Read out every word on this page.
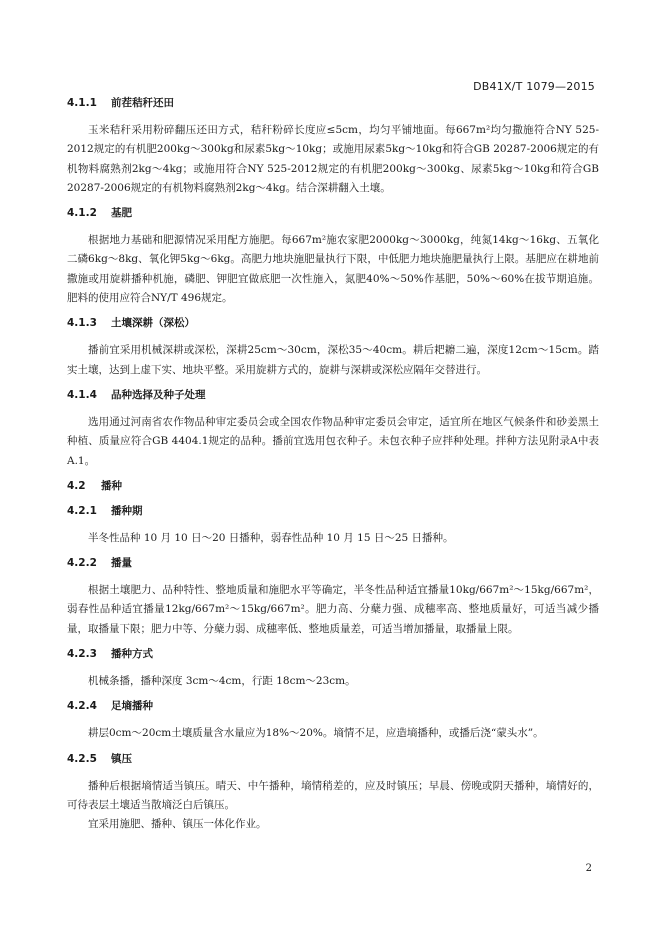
DB41X/T 1079—2015

4.1.1 前茬秸秆还田

玉米秸秆采用粉碎翻压还田方式，秸秆粉碎长度应≤5cm，均匀平铺地面。每667m²均匀撒施符合NY 525-2012规定的有机肥200kg～300kg和尿素5kg～10kg；或施用尿素5kg～10kg和符合GB 20287-2006规定的有机物料腐熟剂2kg～4kg；或施用符合NY 525-2012规定的有机肥200kg～300kg、尿素5kg～10kg和符合GB 20287-2006规定的有机物料腐熟剂2kg～4kg。结合深耕翻入土壤。

4.1.2 基肥

根据地力基础和肥源情况采用配方施肥。每667m²施农家肥2000kg～3000kg，纯氮14kg～16kg、五氧化二磷6kg～8kg、氧化钾5kg～6kg。高肥力地块施肥量执行下限，中低肥力地块施肥量执行上限。基肥应在耕地前撒施或用旋耕播种机施，磷肥、钾肥宜做底肥一次性施入，氮肥40%～50%作基肥，50%～60%在拔节期追施。肥料的使用应符合NY/T 496规定。

4.1.3 土壤深耕（深松）

播前宜采用机械深耕或深松，深耕25cm～30cm，深松35～40cm。耕后耙耱二遍，深度12cm～15cm。踏实土壤，达到上虚下实、地块平整。采用旋耕方式的，旋耕与深耕或深松应隔年交替进行。

4.1.4 品种选择及种子处理

选用通过河南省农作物品种审定委员会或全国农作物品种审定委员会审定，适宜所在地区气候条件和砂姜黑土种植、质量应符合GB 4404.1规定的品种。播前宜选用包衣种子。未包衣种子应拌种处理。拌种方法见附录A中表A.1。

4.2 播种

4.2.1 播种期

半冬性品种 10 月 10 日～20 日播种，弱春性品种 10 月 15 日～25 日播种。

4.2.2 播量

根据土壤肥力、品种特性、整地质量和施肥水平等确定，半冬性品种适宜播量10kg/667m²～15kg/667m²，弱春性品种适宜播量12kg/667m²～15kg/667m²。肥力高、分蘖力强、成穗率高、整地质量好，可适当减少播量，取播量下限；肥力中等、分蘖力弱、成穗率低、整地质量差，可适当增加播量，取播量上限。

4.2.3 播种方式

机械条播，播种深度 3cm～4cm，行距 18cm～23cm。

4.2.4 足墒播种

耕层0cm～20cm土壤质量含水量应为18%～20%。墒情不足，应造墒播种，或播后浇“蒙头水”。

4.2.5 镇压

播种后根据墒情适当镇压。晴天、中午播种，墒情稍差的，应及时镇压；早晨、傍晚或阴天播种，墒情好的，可待表层土壤适当散墒泛白后镇压。

宜采用施肥、播种、镇压一体化作业。

2
